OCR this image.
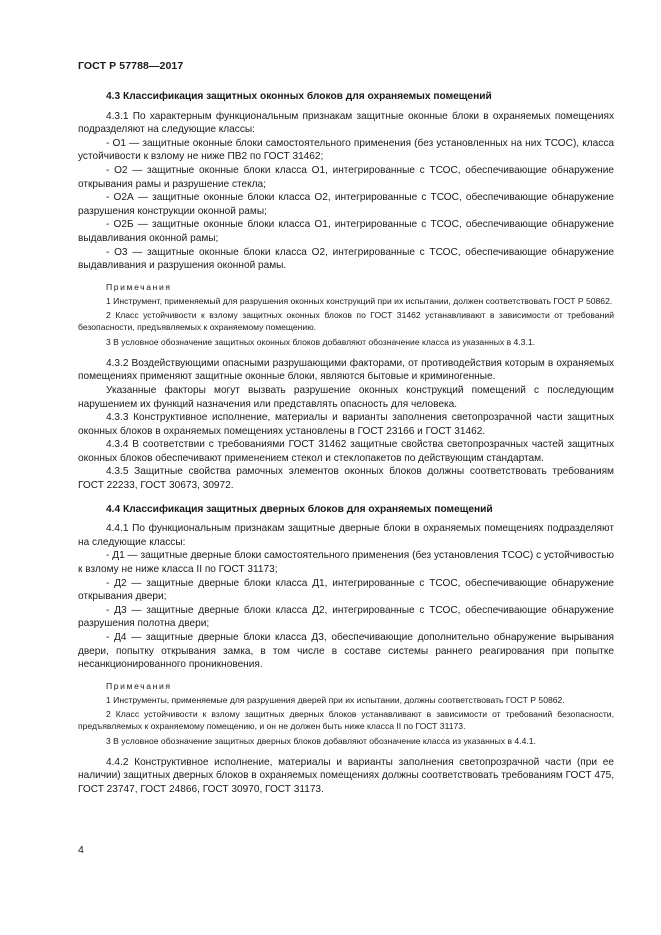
ГОСТ Р 57788—2017
4.3 Классификация защитных оконных блоков для охраняемых помещений

4.3.1 По характерным функциональным признакам защитные оконные блоки в охраняемых помещениях подразделяют на следующие классы:

- О1 — защитные оконные блоки самостоятельного применения (без установленных на них ТСОС), класса устойчивости к взлому не ниже ПВ2 по ГОСТ 31462;

- О2 — защитные оконные блоки класса О1, интегрированные с ТСОС, обеспечивающие обнаружение открывания рамы и разрушение стекла;

- О2А — защитные оконные блоки класса О2, интегрированные с ТСОС, обеспечивающие обнаружение разрушения конструкции оконной рамы;

- О2Б — защитные оконные блоки класса О1, интегрированные с ТСОС, обеспечивающие обнаружение выдавливания оконной рамы;

- О3 — защитные оконные блоки класса О2, интегрированные с ТСОС, обеспечивающие обнаружение выдавливания и разрушения оконной рамы.

Примечания

1 Инструмент, применяемый для разрушения оконных конструкций при их испытании, должен соответствовать ГОСТ Р 50862.

2 Класс устойчивости к взлому защитных оконных блоков по ГОСТ 31462 устанавливают в зависимости от требований безопасности, предъявляемых к охраняемому помещению.

3 В условное обозначение защитных оконных блоков добавляют обозначение класса из указанных в 4.3.1.

4.3.2 Воздействующими опасными разрушающими факторами, от противодействия которым в охраняемых помещениях применяют защитные оконные блоки, являются бытовые и криминогенные.

Указанные факторы могут вызвать разрушение оконных конструкций помещений с последующим нарушением их функций назначения или представлять опасность для человека.

4.3.3 Конструктивное исполнение, материалы и варианты заполнения светопрозрачной части защитных оконных блоков в охраняемых помещениях установлены в ГОСТ 23166 и ГОСТ 31462.

4.3.4 В соответствии с требованиями ГОСТ 31462 защитные свойства светопрозрачных частей защитных оконных блоков обеспечивают применением стекол и стеклопакетов по действующим стандартам.

4.3.5 Защитные свойства рамочных элементов оконных блоков должны соответствовать требованиям ГОСТ 22233, ГОСТ 30673, 30972.

4.4 Классификация защитных дверных блоков для охраняемых помещений

4.4.1 По функциональным признакам защитные дверные блоки в охраняемых помещениях подразделяют на следующие классы:

- Д1 — защитные дверные блоки самостоятельного применения (без установления ТСОС) с устойчивостью к взлому не ниже класса II по ГОСТ 31173;

- Д2 — защитные дверные блоки класса Д1, интегрированные с ТСОС, обеспечивающие обнаружение открывания двери;

- Д3 — защитные дверные блоки класса Д2, интегрированные с ТСОС, обеспечивающие обнаружение разрушения полотна двери;

- Д4 — защитные дверные блоки класса Д3, обеспечивающие дополнительно обнаружение вырывания двери, попытку открывания замка, в том числе в составе системы раннего реагирования при попытке несанкционированного проникновения.

Примечания

1 Инструменты, применяемые для разрушения дверей при их испытании, должны соответствовать ГОСТ Р 50862.

2 Класс устойчивости к взлому защитных дверных блоков устанавливают в зависимости от требований безопасности, предъявляемых к охраняемому помещению, и он не должен быть ниже класса II по ГОСТ 31173.

3 В условное обозначение защитных дверных блоков добавляют обозначение класса из указанных в 4.4.1.

4.4.2 Конструктивное исполнение, материалы и варианты заполнения светопрозрачной части (при ее наличии) защитных дверных блоков в охраняемых помещениях должны соответствовать требованиям ГОСТ 475, ГОСТ 23747, ГОСТ 24866, ГОСТ 30970, ГОСТ 31173.

4
